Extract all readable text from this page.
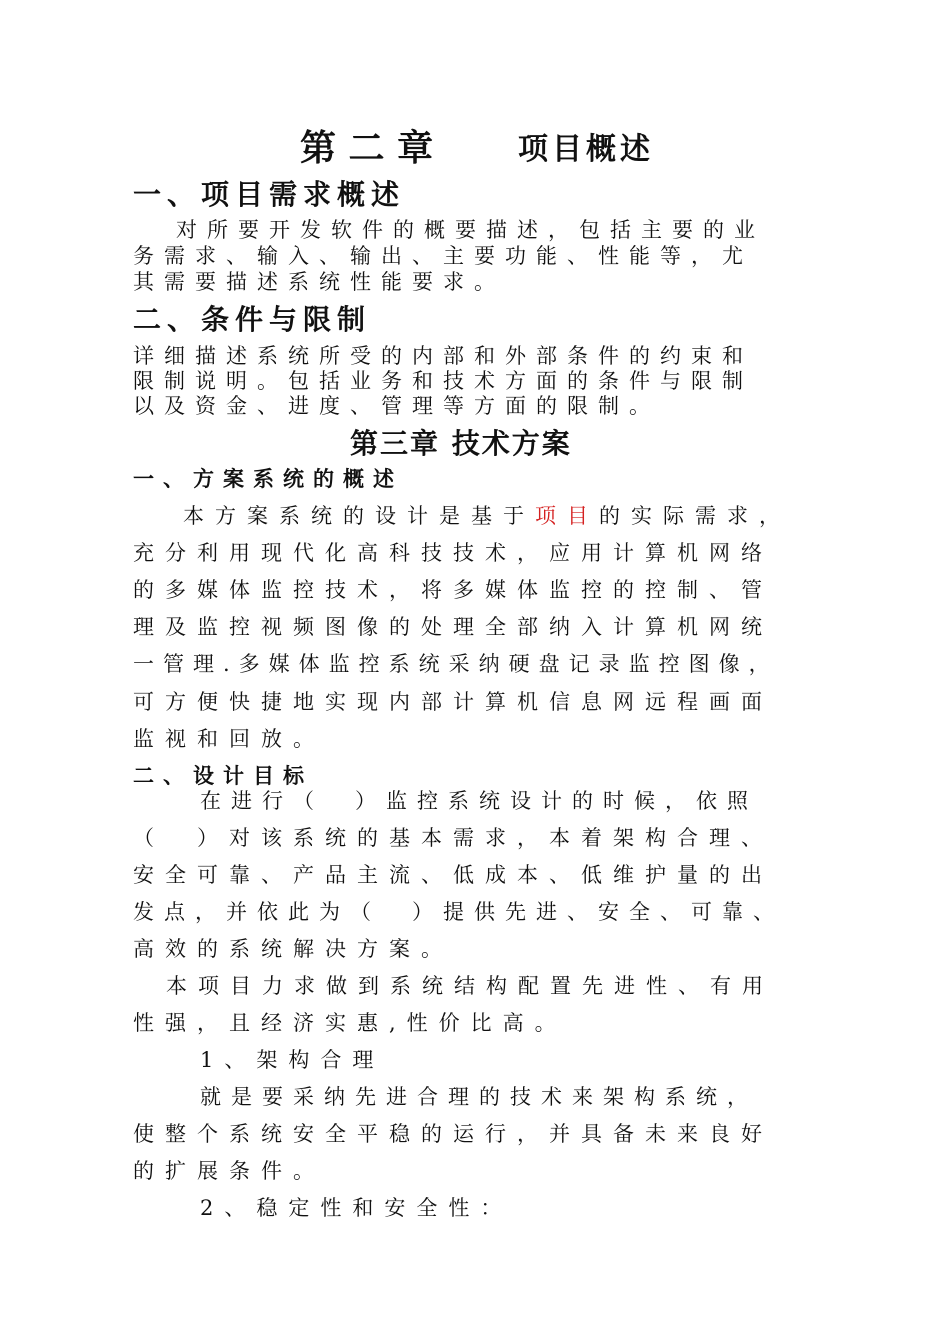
第 二 章	项目概述
一、项目需求概述
对所要开发软件的概要描述，包括主要的业
务需求、输入、输出、主要功能、性能等，尤
其需要描述系统性能要求。
二、条件与限制
详细描述系统所受的内部和外部条件的约束和
限制说明。包括业务和技术方面的条件与限制
以及资金、进度、管理等方面的限制。
第三章 技术方案
一、方案系统的概述
本方案系统的设计是基于项目的实际需求，
充分利用现代化高科技技术，应用计算机网络
的多媒体监控技术，将多媒体监控的控制、管
理及监控视频图像的处理全部纳入计算机网统
一管理.多媒体监控系统采纳硬盘记录监控图像，
可方便快捷地实现内部计算机信息网远程画面
监视和回放。
二、设计目标
在进行（　）监控系统设计的时候，依照
（　）对该系统的基本需求，本着架构合理、
安全可靠、产品主流、低成本、低维护量的出
发点，并依此为（　）提供先进、安全、可靠、
高效的系统解决方案。
本项目力求做到系统结构配置先进性、有用
性强，且经济实惠,性价比高。
1、架构合理
就是要采纳先进合理的技术来架构系统，
使整个系统安全平稳的运行，并具备未来良好
的扩展条件。
2、稳定性和安全性：
